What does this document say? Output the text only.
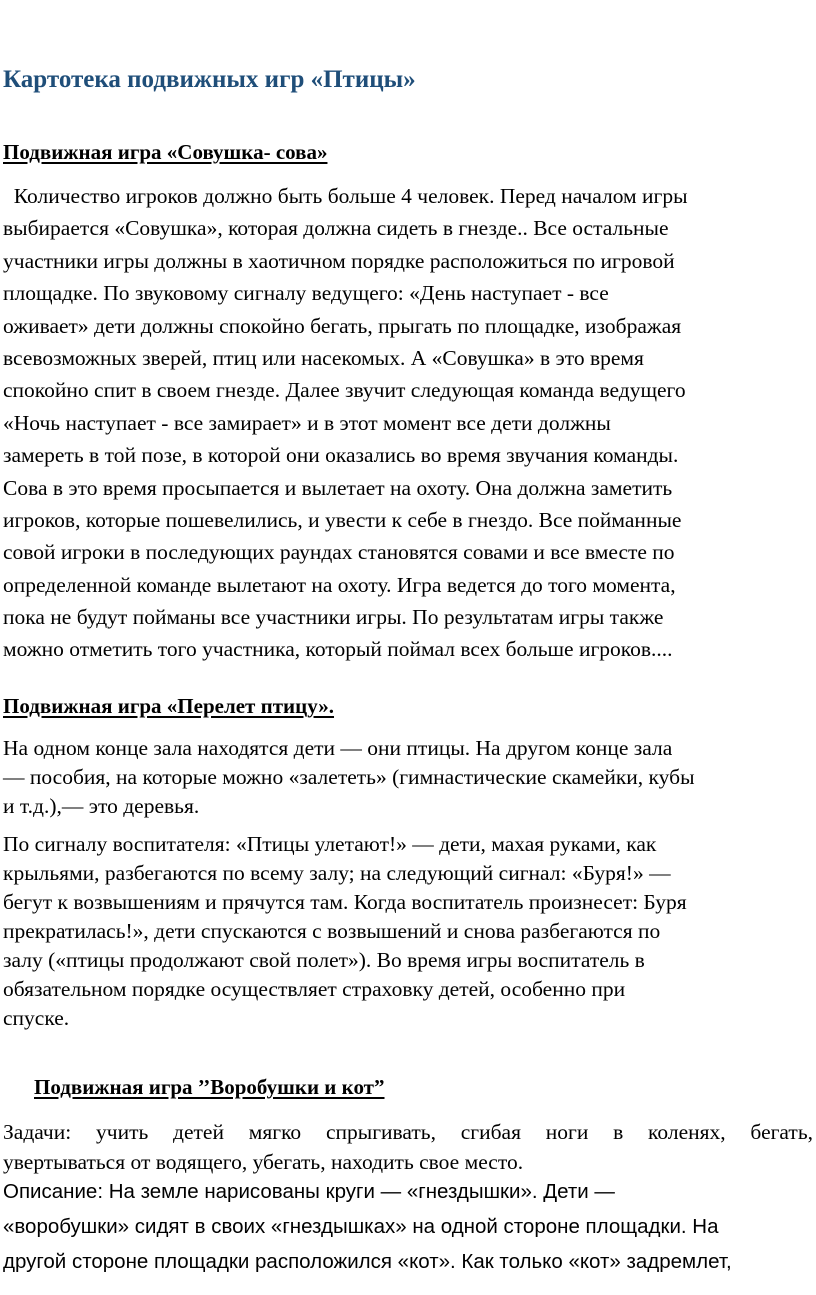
Картотека подвижных игр «Птицы»
Подвижная игра «Совушка- сова»
Количество игроков должно быть больше 4 человек. Перед началом игры
выбирается «Совушка», которая должна сидеть в гнезде.. Все остальные
участники игры должны в хаотичном порядке расположиться по игровой
площадке. По звуковому сигналу ведущего: «День наступает - все
оживает» дети должны спокойно бегать, прыгать по площадке, изображая
всевозможных зверей, птиц или насекомых. А «Совушка» в это время
спокойно спит в своем гнезде. Далее звучит следующая команда ведущего
«Ночь наступает - все замирает» и в этот момент все дети должны
замереть в той позе, в которой они оказались во время звучания команды.
Сова в это время просыпается и вылетает на охоту. Она должна заметить
игроков, которые пошевелились, и увести к себе в гнездо. Все пойманные
совой игроки в последующих раундах становятся совами и все вместе по
определенной команде вылетают на охоту. Игра ведется до того момента,
пока не будут пойманы все участники игры. По результатам игры также
можно отметить того участника, который поймал всех больше игроков....
Подвижная игра «Перелет птицу».
На одном конце зала находятся дети — они птицы. На другом конце зала
— пособия, на которые можно «залететь» (гимнастические скамейки, кубы
и т.д.),— это деревья.
По сигналу воспитателя: «Птицы улетают!» — дети, махая руками, как
крыльями, разбегаются по всему залу; на следующий сигнал: «Буря!» —
бегут к возвышениям и прячутся там. Когда воспитатель произнесет: Буря
прекратилась!», дети спускаются с возвышений и снова разбегаются по
залу («птицы продолжают свой полет»). Во время игры воспитатель в
обязательном порядке осуществляет страховку детей, особенно при
спуске.
Подвижная игра ’’Воробушки и кот”
Задачи: учить детей мягко спрыгивать, сгибая ноги в коленях, бегать,
увертываться от водящего, убегать, находить свое место.
Описание: На земле нарисованы круги — «гнездышки». Дети —
«воробушки» сидят в своих «гнездышках» на одной стороне площадки. На
другой стороне площадки расположился «кот». Как только «кот» задремлет,
